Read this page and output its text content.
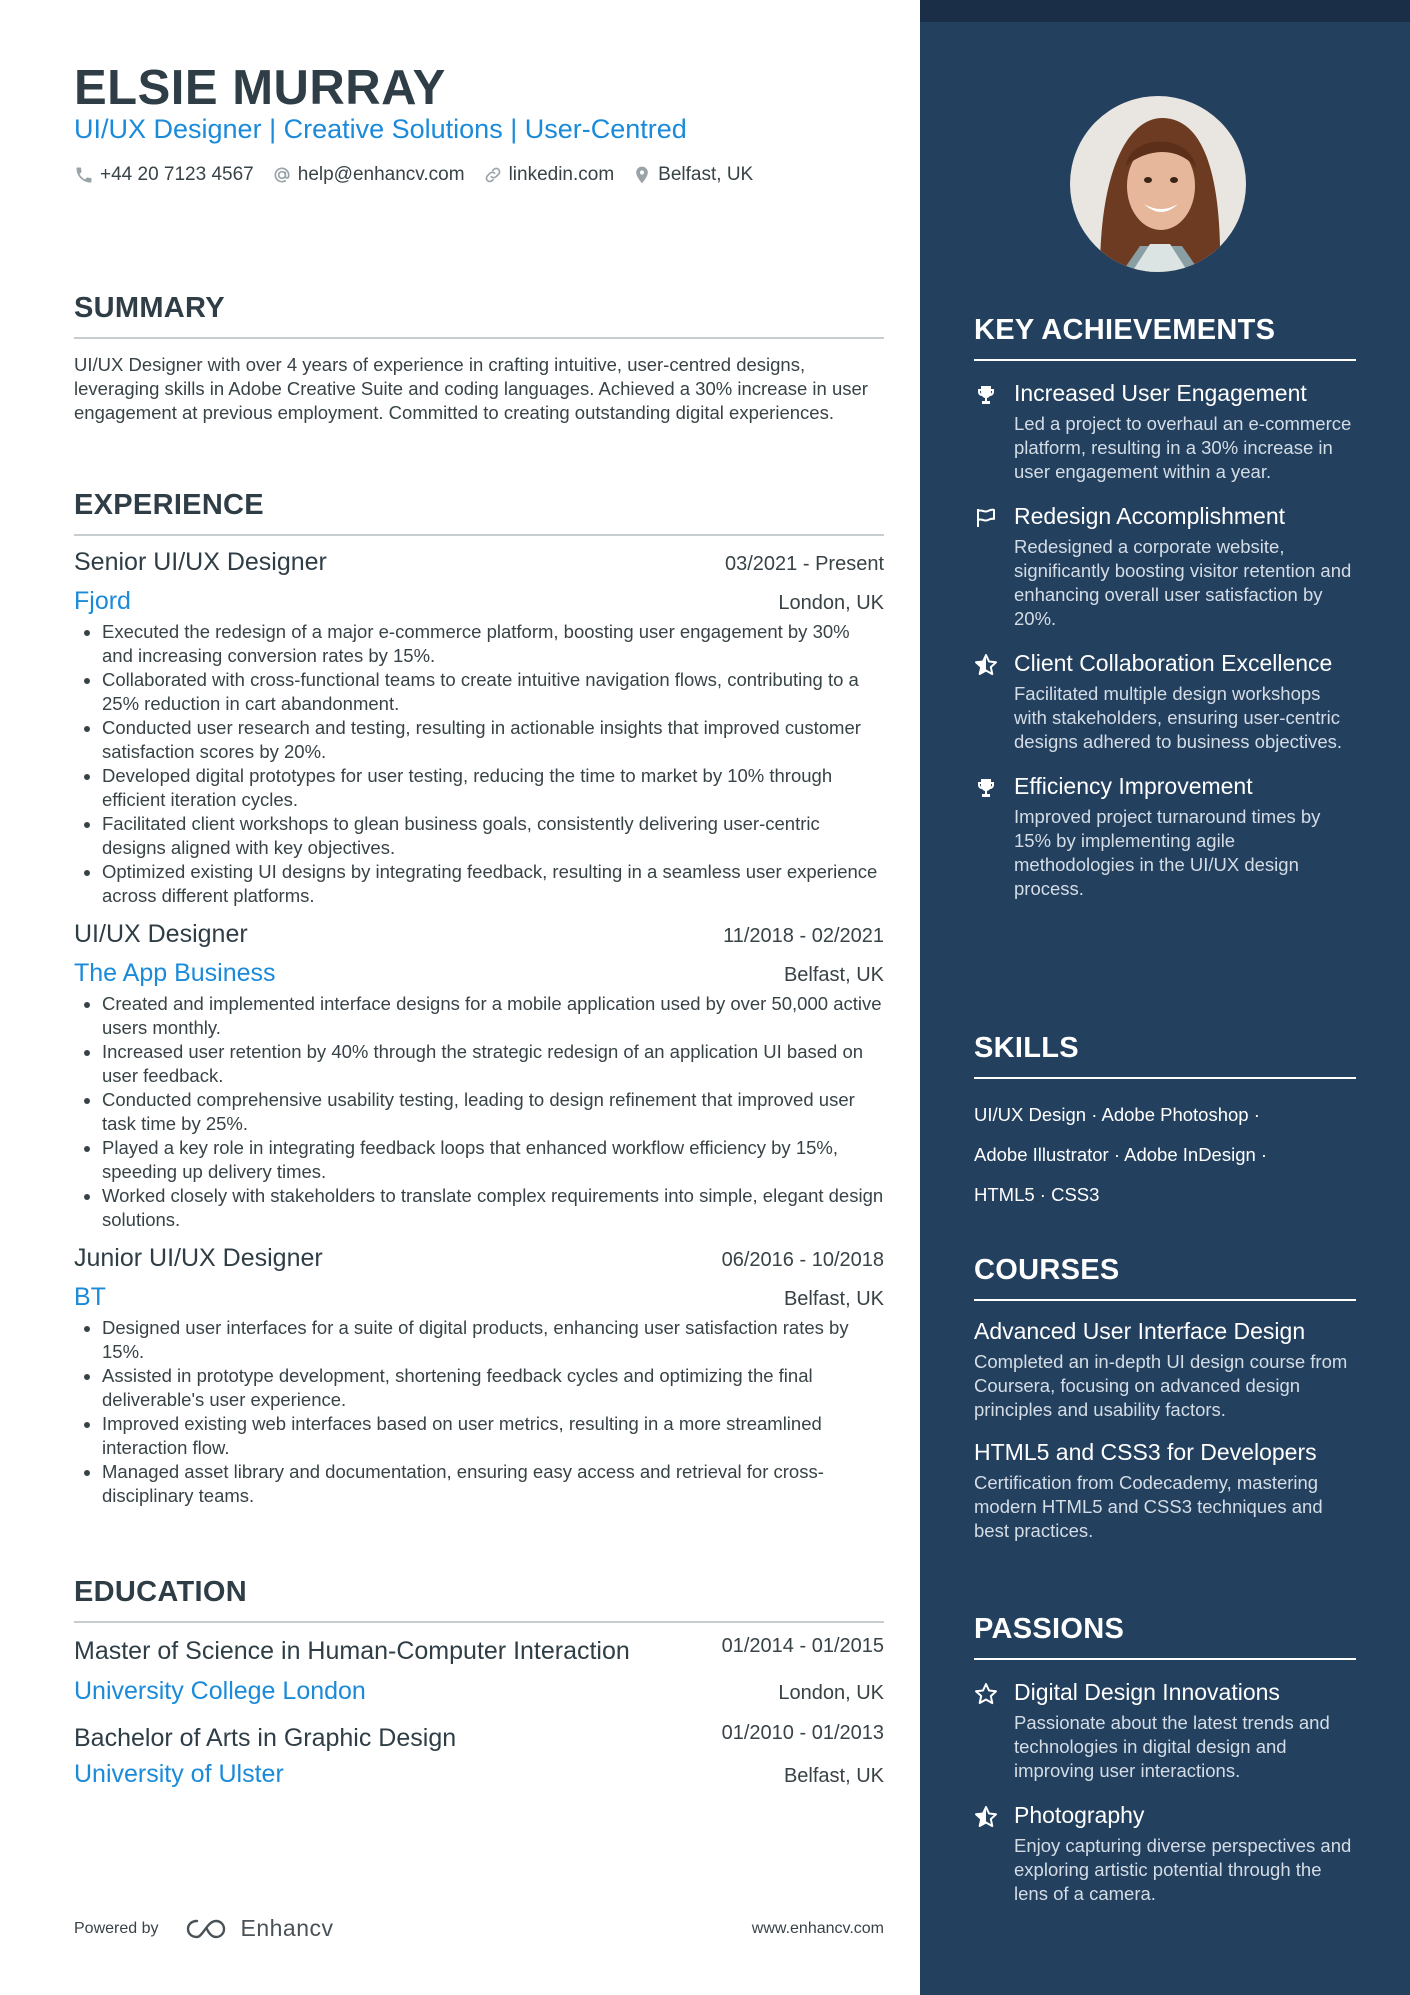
ELSIE MURRAY
UI/UX Designer | Creative Solutions | User-Centred
+44 20 7123 4567 help@enhancv.com linkedin.com Belfast, UK
SUMMARY

UI/UX Designer with over 4 years of experience in crafting intuitive, user-centred designs, leveraging skills in Adobe Creative Suite and coding languages. Achieved a 30% increase in user engagement at previous employment. Committed to creating outstanding digital experiences.

EXPERIENCE
Senior UI/UX Designer	03/2021 - Present
Fjord	London, UK
• Executed the redesign of a major e-commerce platform, boosting user engagement by 30% and increasing conversion rates by 15%.
• Collaborated with cross-functional teams to create intuitive navigation flows, contributing to a 25% reduction in cart abandonment.
• Conducted user research and testing, resulting in actionable insights that improved customer satisfaction scores by 20%.
• Developed digital prototypes for user testing, reducing the time to market by 10% through efficient iteration cycles.
• Facilitated client workshops to glean business goals, consistently delivering user-centric designs aligned with key objectives.
• Optimized existing UI designs by integrating feedback, resulting in a seamless user experience across different platforms.
UI/UX Designer	11/2018 - 02/2021
The App Business	Belfast, UK
• Created and implemented interface designs for a mobile application used by over 50,000 active users monthly.
• Increased user retention by 40% through the strategic redesign of an application UI based on user feedback.
• Conducted comprehensive usability testing, leading to design refinement that improved user task time by 25%.
• Played a key role in integrating feedback loops that enhanced workflow efficiency by 15%, speeding up delivery times.
• Worked closely with stakeholders to translate complex requirements into simple, elegant design solutions.
Junior UI/UX Designer	06/2016 - 10/2018
BT	Belfast, UK
• Designed user interfaces for a suite of digital products, enhancing user satisfaction rates by 15%.
• Assisted in prototype development, shortening feedback cycles and optimizing the final deliverable's user experience.
• Improved existing web interfaces based on user metrics, resulting in a more streamlined interaction flow.
• Managed asset library and documentation, ensuring easy access and retrieval for cross-disciplinary teams.
EDUCATION
Master of Science in Human-Computer Interaction	01/2014 - 01/2015
University College London	London, UK
Bachelor of Arts in Graphic Design	01/2010 - 01/2013
University of Ulster	Belfast, UK
Powered by	Enhancv	www.enhancv.com
KEY ACHIEVEMENTS
Increased User Engagement
Led a project to overhaul an e-commerce platform, resulting in a 30% increase in user engagement within a year.
Redesign Accomplishment
Redesigned a corporate website, significantly boosting visitor retention and enhancing overall user satisfaction by 20%.
Client Collaboration Excellence
Facilitated multiple design workshops with stakeholders, ensuring user-centric designs adhered to business objectives.
Efficiency Improvement
Improved project turnaround times by 15% by implementing agile methodologies in the UI/UX design process.
SKILLS
UI/UX Design · Adobe Photoshop · Adobe Illustrator · Adobe InDesign · HTML5 · CSS3
COURSES
Advanced User Interface Design
Completed an in-depth UI design course from Coursera, focusing on advanced design principles and usability factors.
HTML5 and CSS3 for Developers
Certification from Codecademy, mastering modern HTML5 and CSS3 techniques and best practices.
PASSIONS
Digital Design Innovations
Passionate about the latest trends and technologies in digital design and improving user interactions.
Photography
Enjoy capturing diverse perspectives and exploring artistic potential through the lens of a camera.
